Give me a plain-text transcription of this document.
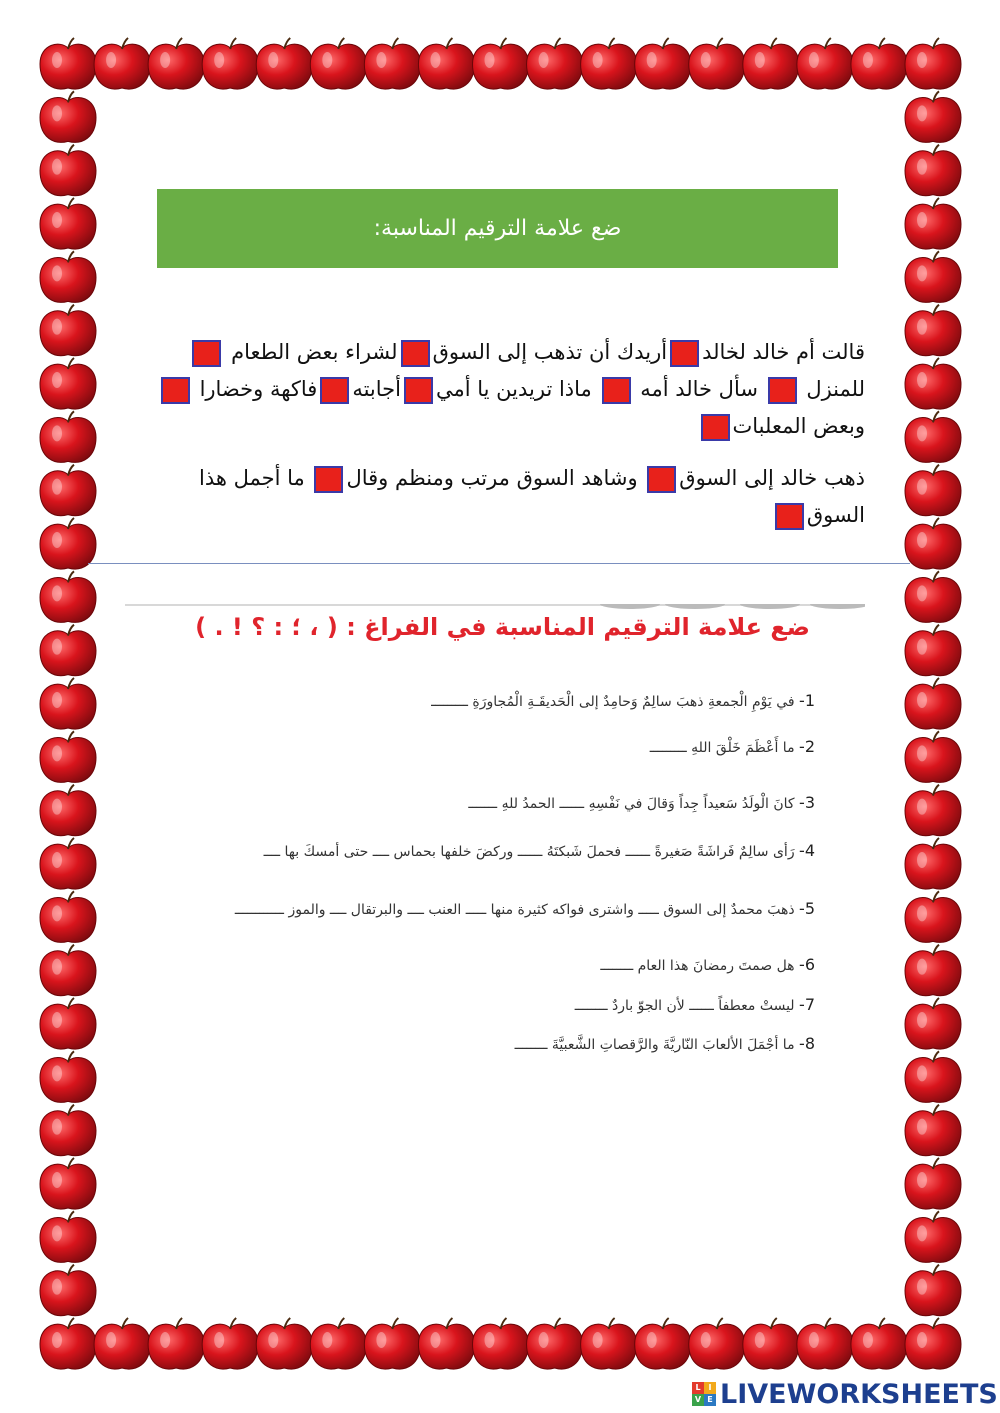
ضع علامة الترقيم المناسبة:
قالت أم خالد لخالدأريدك أن تذهب إلى السوقلشراء بعض الطعام  للمنزل  سأل خالد أمه  ماذا تريدين يا أميأجابتهفاكهة وخضارا  وبعض المعلبات
ذهب خالد إلى السوق وشاهد السوق مرتب ومنظم وقال ما أجمل هذا السوق
ضع علامة الترقيم المناسبة في الفراغ : ( ، ؛ : ؟ ! . )
1- في يَوْمِ الْجمعةِ ذهبَ سالِمٌ وَحامِدٌ إلى الْحَديقَـةِ الْمُجاورَةِ ـــــــــ
2- ما أَعْظَمَ خَلْقَ اللهِ ـــــــــ
3- كانَ الْولَدُ سَعيداً جِداً وَقالَ في نَفْسِهِ ــــــ الحمدُ للهِ ـــــــ
4- رَأى سالِمٌ فَراشَةً صَغيرةً ــــــ فحملَ شَبكتَهُ ــــــ وركضَ خلفها بحماس ــــ حتى أمسكَ بها ــــ
5- ذهبَ محمدٌ إلى السوق ـــــ واشترى فواكه كثيرة منها ـــــ العنب ــــ والبرتقال ــــ والموز ــــــــــــ
6- هل صمتَ رمضانَ هذا العام ــــــــ
7- ليستْ معطفاً ــــــ لأن الجوّ باردٌ ــــــــ
8- ما أجْمَلَ الألعابَ النّاريَّةَ والرَّقصاتِ الشَّعبيَّةَ ــــــــ
L I
V E LIVEWORKSHEETS
